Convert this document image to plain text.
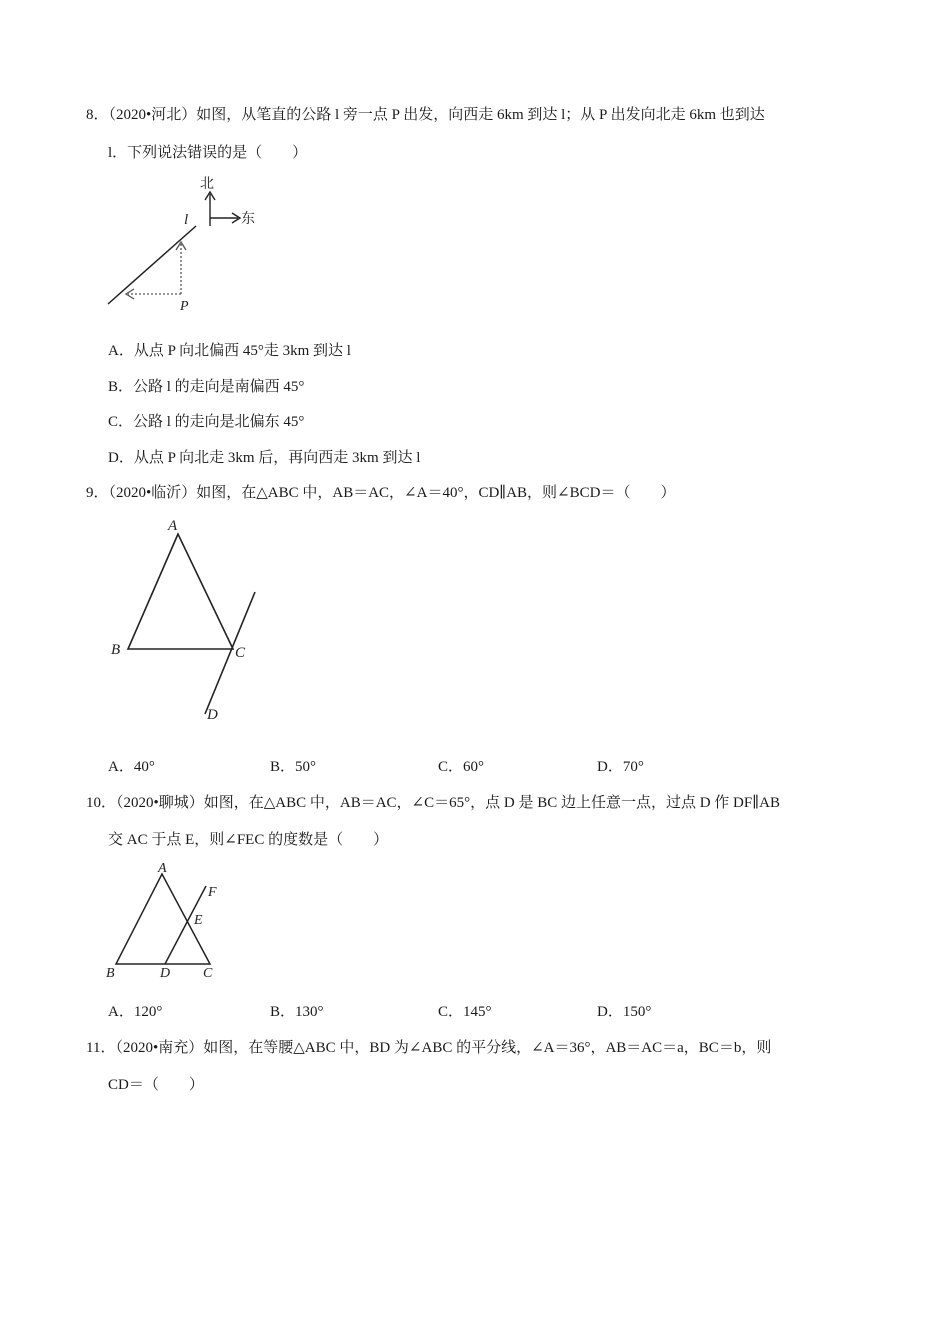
8．（2020•河北）如图，从笔直的公路 l 旁一点 P 出发，向西走 6km 到达 l；从 P 出发向北走 6km 也到达
l．下列说法错误的是（　　）
北
东
l
P
A．从点 P 向北偏西 45°走 3km 到达 l
B．公路 l 的走向是南偏西 45°
C．公路 l 的走向是北偏东 45°
D．从点 P 向北走 3km 后，再向西走 3km 到达 l
9．（2020•临沂）如图，在△ABC 中，AB＝AC，∠A＝40°，CD∥AB，则∠BCD＝（　　）
A
B	C
D
A．40°	B．50°	C．60°	D．70°
10．（2020•聊城）如图，在△ABC 中，AB＝AC，∠C＝65°，点 D 是 BC 边上任意一点，过点 D 作 DF∥AB
交 AC 于点 E，则∠FEC 的度数是（　　）
A
B	D C
E
F
A．120°	B．130°	C．145°	D．150°
11．（2020•南充）如图，在等腰△ABC 中，BD 为∠ABC 的平分线，∠A＝36°，AB＝AC＝a，BC＝b，则
CD＝（　　）
